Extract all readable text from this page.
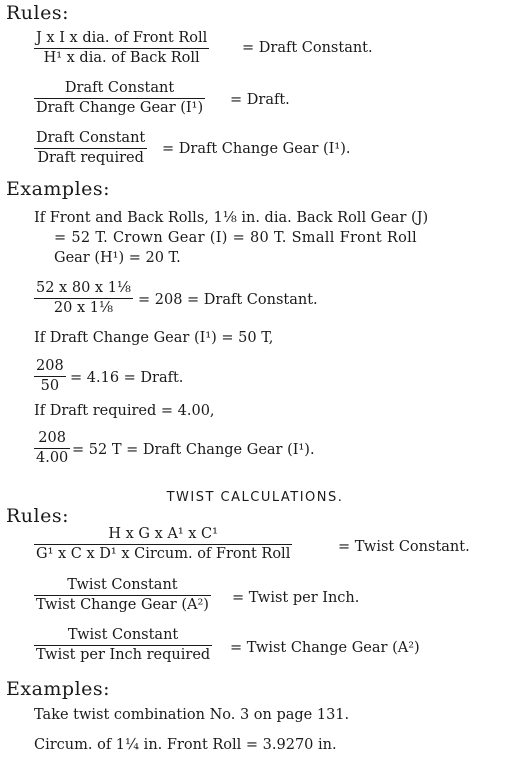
Rules:
J x I x dia. of Front Roll
H¹ x dia. of Back Roll
= Draft Constant.
Draft Constant
Draft Change Gear (I¹) = Draft.
Draft Constant
Draft required
= Draft Change Gear (I¹).
Examples:
If Front and Back Rolls, 1⅛ in. dia. Back Roll Gear (J)
= 52 T. Crown Gear (I) = 80 T. Small Front Roll
Gear (H¹) = 20 T.
$\frac{\text{52 x 80 x 1⅛}}{\text{20 x 1⅛}} = 208$ = Draft Constant.
If Draft Change Gear (I¹) = 50 T,
$\frac{208}{50} = 4.16$ = Draft.
If Draft required = 4.00,
$\frac{208}{4.00} = 52$ T = Draft Change Gear (I¹).
TWIST CALCULATIONS.
Rules:
H x G x A¹ x C¹
G¹ x C x D¹ x Circum. of Front Roll	= Twist Constant.
Twist Constant
Twist Change Gear (A²) = Twist per Inch.
Twist Constant
Twist per Inch required = Twist Change Gear (A²)
Examples:
Take twist combination No. 3 on page 131.
Circum. of 1¼ in. Front Roll = 3.9270 in.
